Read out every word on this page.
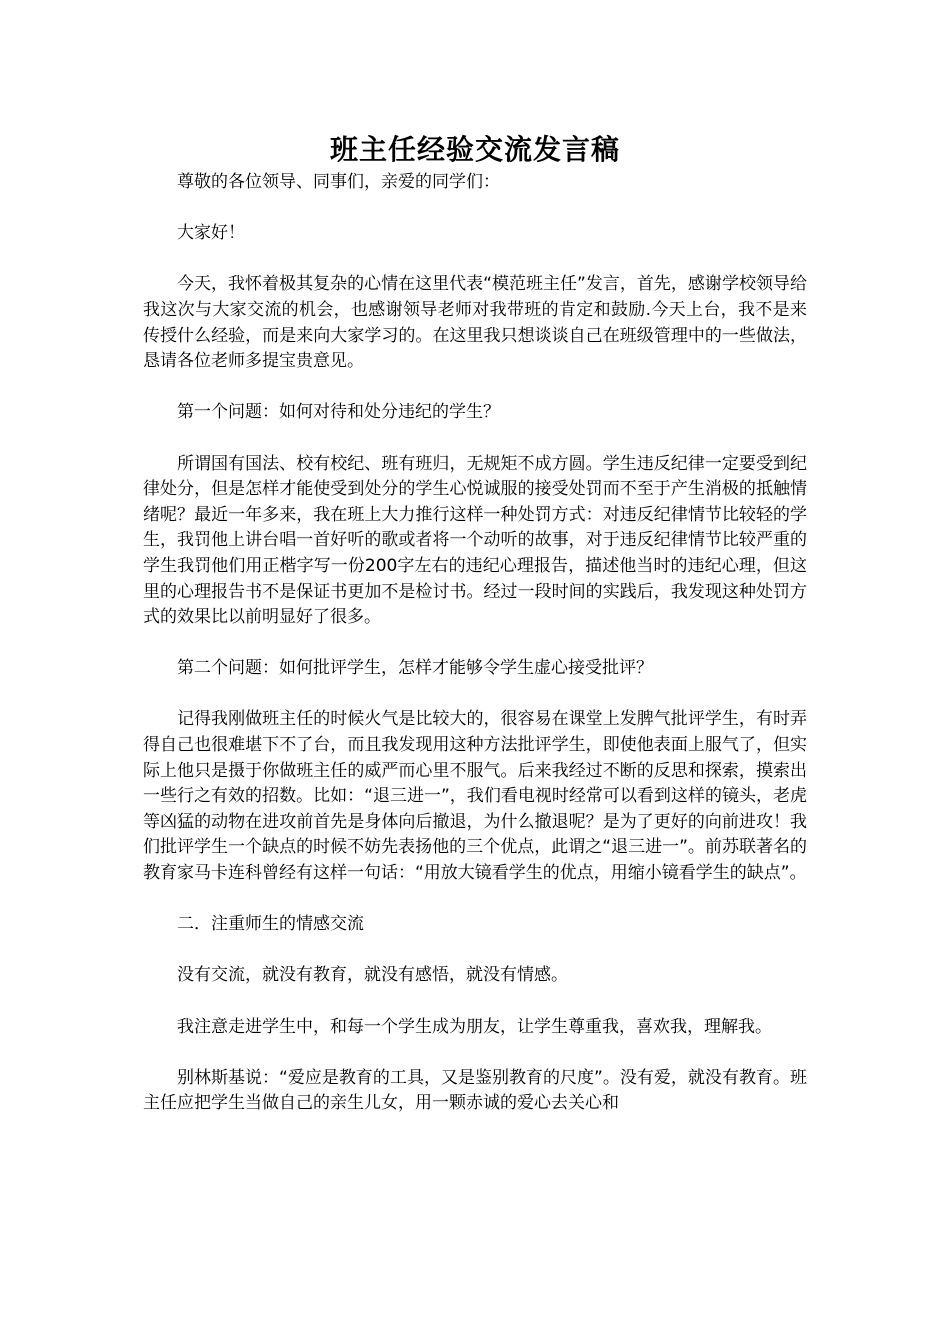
班主任经验交流发言稿

尊敬的各位领导、同事们，亲爱的同学们：

大家好！

今天，我怀着极其复杂的心情在这里代表“模范班主任”发言，首先，感谢学校领导给我这次与大家交流的机会，也感谢领导老师对我带班的肯定和鼓励.今天上台，我不是来传授什么经验，而是来向大家学习的。在这里我只想谈谈自己在班级管理中的一些做法，恳请各位老师多提宝贵意见。

第一个问题：如何对待和处分违纪的学生？

所谓国有国法、校有校纪、班有班归，无规矩不成方圆。学生违反纪律一定要受到纪律处分，但是怎样才能使受到处分的学生心悦诚服的接受处罚而不至于产生消极的抵触情绪呢？最近一年多来，我在班上大力推行这样一种处罚方式：对违反纪律情节比较轻的学生，我罚他上讲台唱一首好听的歌或者将一个动听的故事，对于违反纪律情节比较严重的学生我罚他们用正楷字写一份200字左右的违纪心理报告，描述他当时的违纪心理，但这里的心理报告书不是保证书更加不是检讨书。经过一段时间的实践后，我发现这种处罚方式的效果比以前明显好了很多。

第二个问题：如何批评学生，怎样才能够令学生虚心接受批评？

记得我刚做班主任的时候火气是比较大的，很容易在课堂上发脾气批评学生，有时弄得自己也很难堪下不了台，而且我发现用这种方法批评学生，即使他表面上服气了，但实际上他只是摄于你做班主任的威严而心里不服气。后来我经过不断的反思和探索，摸索出一些行之有效的招数。比如：“退三进一”，我们看电视时经常可以看到这样的镜头，老虎等凶猛的动物在进攻前首先是身体向后撤退，为什么撤退呢？是为了更好的向前进攻！我们批评学生一个缺点的时候不妨先表扬他的三个优点，此谓之“退三进一”。前苏联著名的教育家马卡连科曾经有这样一句话：“用放大镜看学生的优点，用缩小镜看学生的缺点”。

二．注重师生的情感交流

没有交流，就没有教育，就没有感悟，就没有情感。

我注意走进学生中，和每一个学生成为朋友，让学生尊重我，喜欢我，理解我。

别林斯基说：“爱应是教育的工具，又是鉴别教育的尺度”。没有爱，就没有教育。班主任应把学生当做自己的亲生儿女，用一颗赤诚的爱心去关心和
